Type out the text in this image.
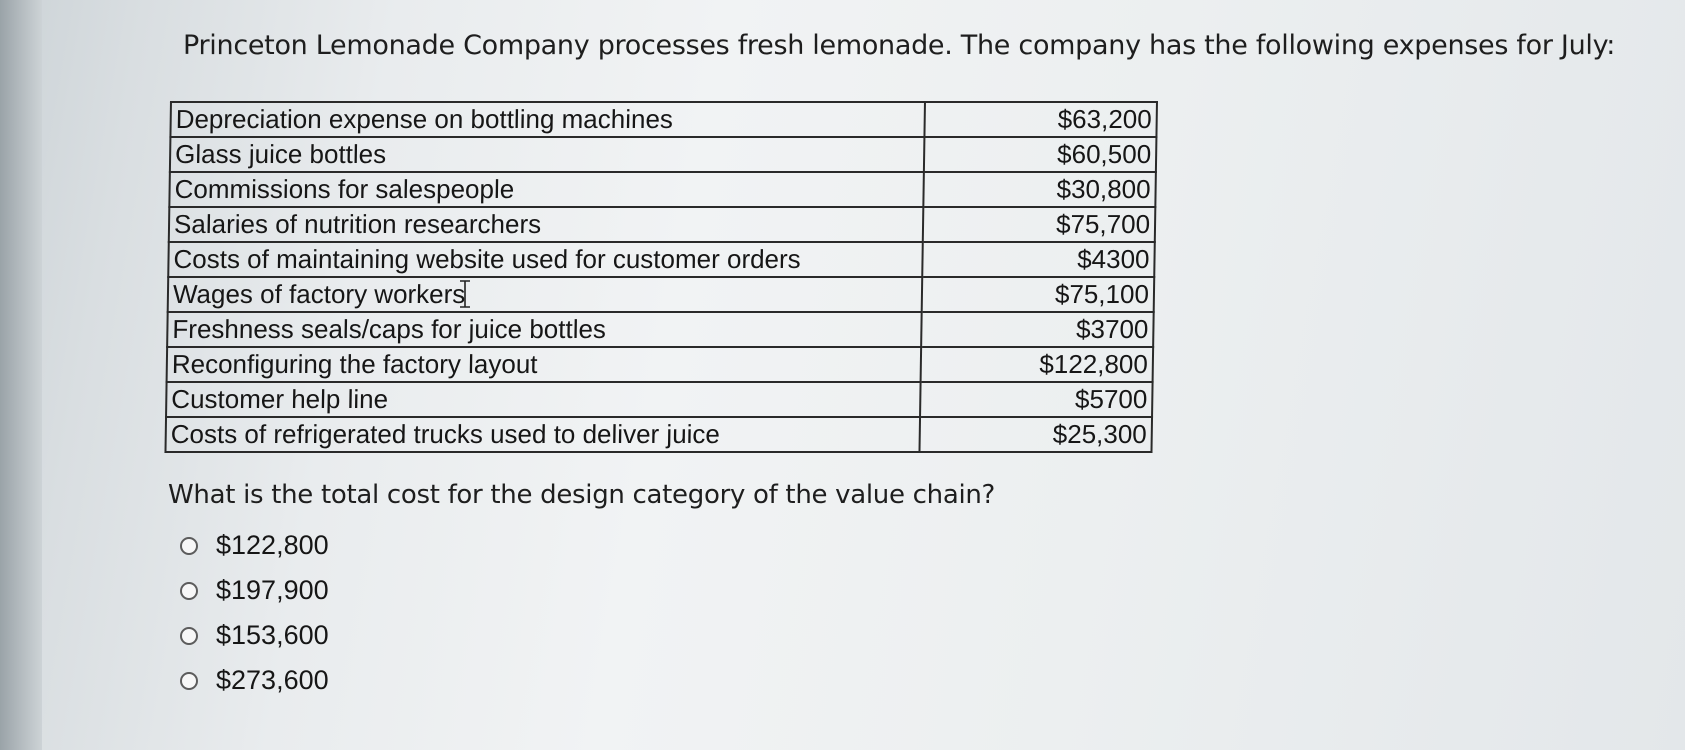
Princeton Lemonade Company processes fresh lemonade. The company has the following expenses for July:
Depreciation expense on bottling machines	$63,200
Glass juice bottles	$60,500
Commissions for salespeople	$30,800
Salaries of nutrition researchers	$75,700
Costs of maintaining website used for customer orders	$4300
Wages of factory workers	$75,100
Freshness seals/caps for juice bottles	$3700
Reconfiguring the factory layout	$122,800
Customer help line	$5700
Costs of refrigerated trucks used to deliver juice	$25,300
What is the total cost for the design category of the value chain?
$122,800
$197,900
$153,600
$273,600
